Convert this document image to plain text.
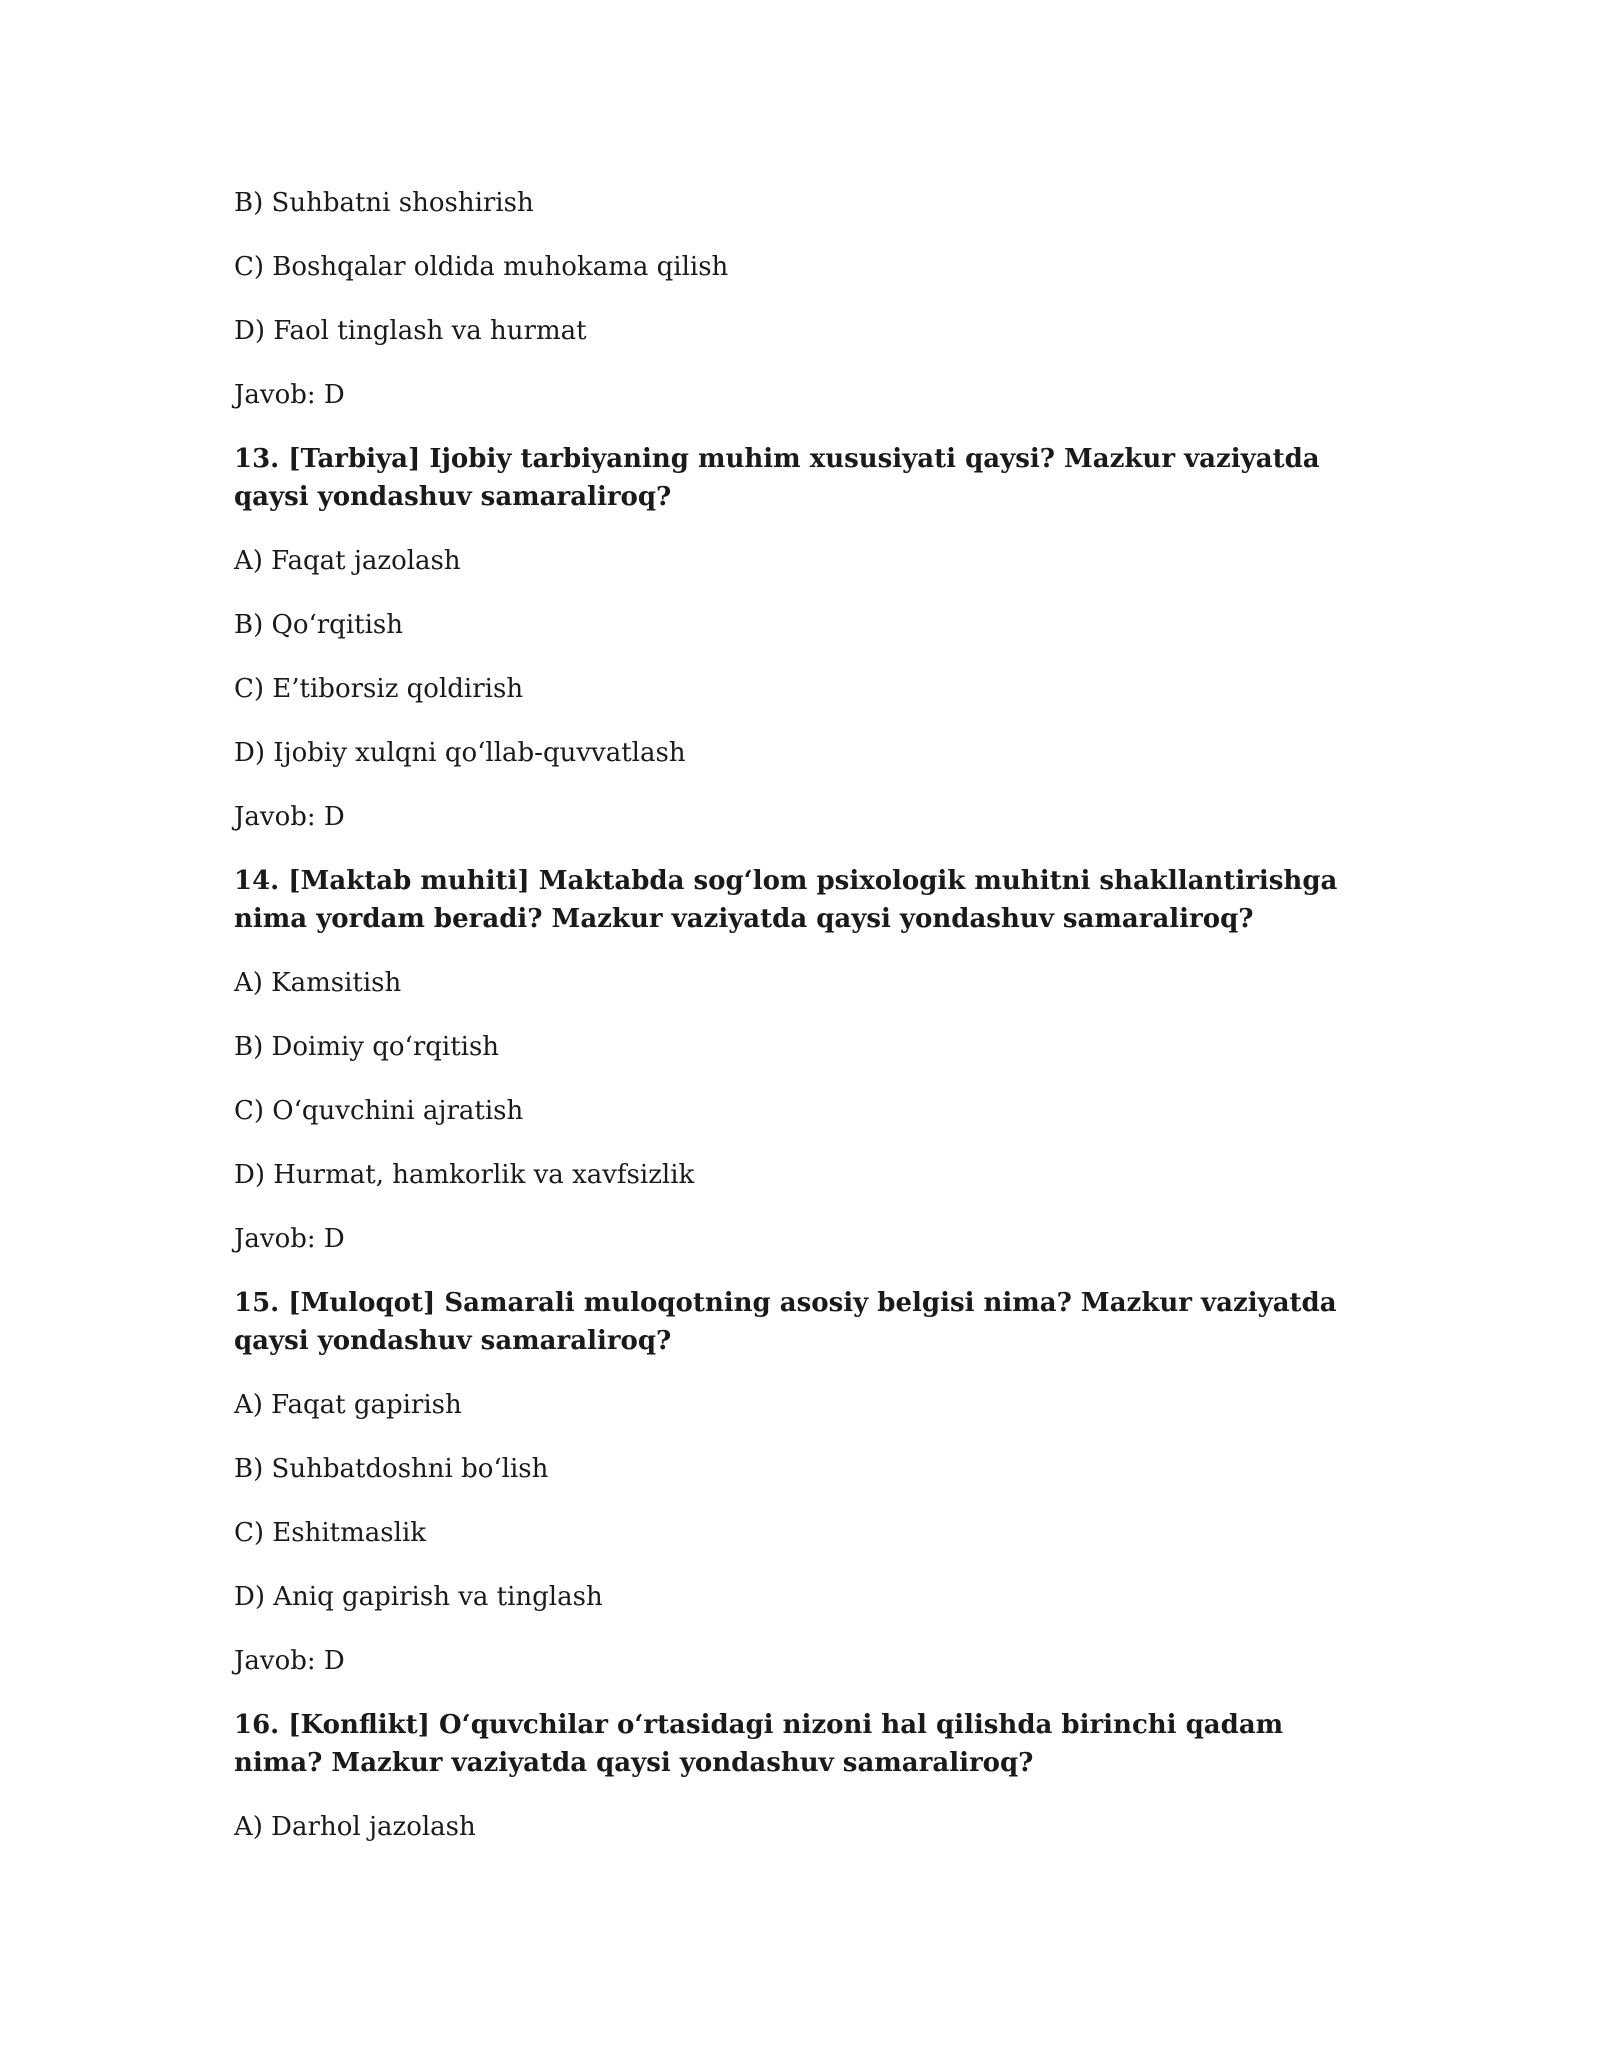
B) Suhbatni shoshirish

C) Boshqalar oldida muhokama qilish

D) Faol tinglash va hurmat

Javob: D

13. [Tarbiya] Ijobiy tarbiyaning muhim xususiyati qaysi? Mazkur vaziyatda qaysi yondashuv samaraliroq?

A) Faqat jazolash

B) Qo‘rqitish

C) E’tiborsiz qoldirish

D) Ijobiy xulqni qo‘llab-quvvatlash

Javob: D

14. [Maktab muhiti] Maktabda sog‘lom psixologik muhitni shakllantirishga nima yordam beradi? Mazkur vaziyatda qaysi yondashuv samaraliroq?

A) Kamsitish

B) Doimiy qo‘rqitish

C) O‘quvchini ajratish

D) Hurmat, hamkorlik va xavfsizlik

Javob: D

15. [Muloqot] Samarali muloqotning asosiy belgisi nima? Mazkur vaziyatda qaysi yondashuv samaraliroq?

A) Faqat gapirish

B) Suhbatdoshni bo‘lish

C) Eshitmaslik

D) Aniq gapirish va tinglash

Javob: D

16. [Konflikt] O‘quvchilar o‘rtasidagi nizoni hal qilishda birinchi qadam nima? Mazkur vaziyatda qaysi yondashuv samaraliroq?

A) Darhol jazolash
